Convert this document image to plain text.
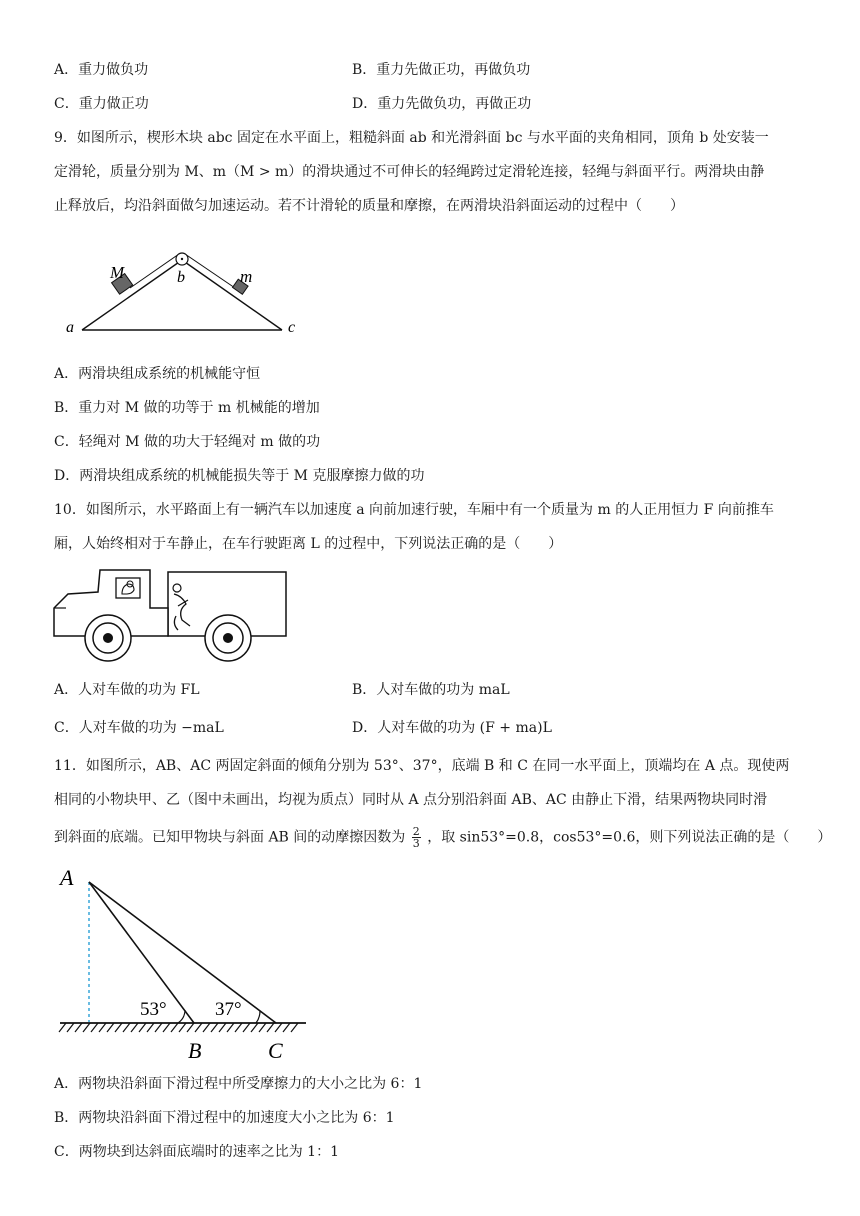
A．重力做负功	B．重力先做正功，再做负功
C．重力做正功	D．重力先做负功，再做正功
9．如图所示，楔形木块 abc 固定在水平面上，粗糙斜面 ab 和光滑斜面 bc 与水平面的夹角相同，顶角 b 处安装一
定滑轮，质量分别为 M、m（M > m）的滑块通过不可伸长的轻绳跨过定滑轮连接，轻绳与斜面平行。两滑块由静
止释放后，均沿斜面做匀加速运动。若不计滑轮的质量和摩擦，在两滑块沿斜面运动的过程中（　　）
M	m
b
a	c
A．两滑块组成系统的机械能守恒
B．重力对 M 做的功等于 m 机械能的增加
C．轻绳对 M 做的功大于轻绳对 m 做的功
D．两滑块组成系统的机械能损失等于 M 克服摩擦力做的功
10．如图所示，水平路面上有一辆汽车以加速度 a 向前加速行驶，车厢中有一个质量为 m 的人正用恒力 F 向前推车
厢，人始终相对于车静止，在车行驶距离 L 的过程中，下列说法正确的是（　　）
A．人对车做的功为 FL	B．人对车做的功为 maL
C．人对车做的功为 −maL	D．人对车做的功为 (F + ma)L
11．如图所示，AB、AC 两固定斜面的倾角分别为 53°、37°，底端 B 和 C 在同一水平面上，顶端均在 A 点。现使两
相同的小物块甲、乙（图中未画出，均视为质点）同时从 A 点分别沿斜面 AB、AC 由静止下滑，结果两物块同时滑
到斜面的底端。已知甲物块与斜面 AB 间的动摩擦因数为 $\frac{2}{3}$ ，取 sin53°=0.8，cos53°=0.6，则下列说法正确的是（　　）
A
B	C
53°	37°
A．两物块沿斜面下滑过程中所受摩擦力的大小之比为 6：1
B．两物块沿斜面下滑过程中的加速度大小之比为 6：1
C．两物块到达斜面底端时的速率之比为 1：1
